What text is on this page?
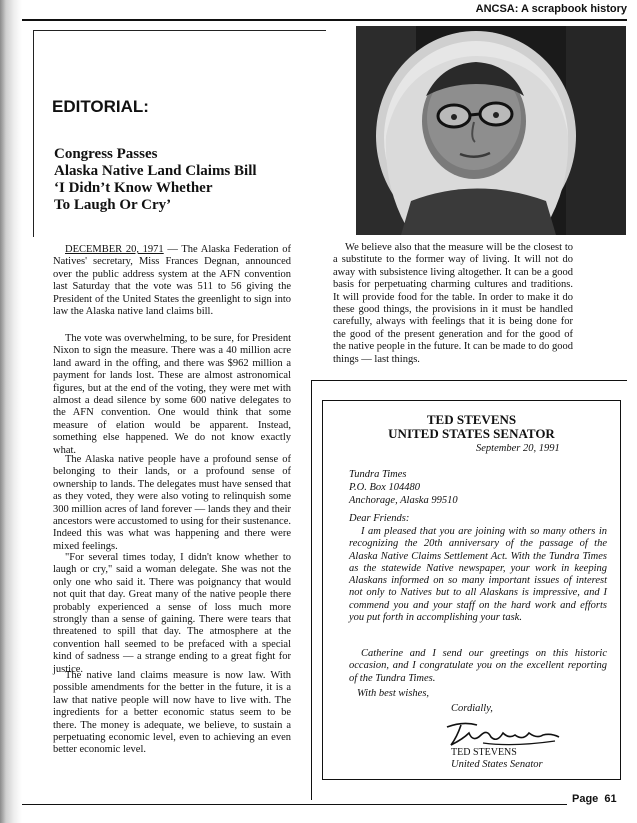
ANCSA: A scrapbook history
EDITORIAL:
Congress Passes
Alaska Native Land Claims Bill
‘I Didn’t Know Whether
To Laugh Or Cry’

DECEMBER 20, 1971 — The Alaska Federation of Natives' secretary, Miss Frances Degnan, announced over the public address system at the AFN convention last Saturday that the vote was 511 to 56 giving the President of the United States the greenlight to sign into law the Alaska native land claims bill.

The vote was overwhelming, to be sure, for President Nixon to sign the measure. There was a 40 million acre land award in the offing, and there was $962 million a payment for lands lost. These are almost astronomical figures, but at the end of the voting, they were met with almost a dead silence by some 600 native delegates to the AFN convention. One would think that some measure of elation would be apparent. Instead, something else happened. We do not know exactly what.

The Alaska native people have a profound sense of belonging to their lands, or a profound sense of ownership to lands. The delegates must have sensed that as they voted, they were also voting to relinquish some 300 million acres of land forever — lands they and their ancestors were accustomed to using for their sustenance. Indeed this was what was happening and there were mixed feelings.

"For several times today, I didn't know whether to laugh or cry," said a woman delegate. She was not the only one who said it. There was poignancy that would not quit that day. Great many of the native people there probably experienced a sense of loss much more strongly than a sense of gaining. There were tears that threatened to spill that day. The atmosphere at the convention hall seemed to be prefaced with a special kind of sadness — a strange ending to a great fight for justice.

The native land claims measure is now law. With possible amendments for the better in the future, it is a law that native people will now have to live with. The ingredients for a better economic status seem to be there. The money is adequate, we believe, to sustain a perpetuating economic level, even to achieving an even better economic level.

We believe also that the measure will be the closest to a substitute to the former way of living. It will not do away with subsistence living altogether. It can be a good basis for perpetuating charming cultures and traditions. It will provide food for the table. In order to make it do these good things, the provisions in it must be handled carefully, always with feelings that it is being done for the good of the present generation and for the good of the native people in the future. It can be made to do good things — last things.

TED STEVENS
UNITED STATES SENATOR
September 20, 1991
Tundra Times
P.O. Box 104480
Anchorage, Alaska 99510
Dear Friends:

I am pleased that you are joining with so many others in recognizing the 20th anniversary of the passage of the Alaska Native Claims Settlement Act. With the Tundra Times as the statewide Native newspaper, your work in keeping Alaskans informed on so many important issues of interest not only to Natives but to all Alaskans is impressive, and I commend you and your staff on the hard work and efforts you put forth in accomplishing your task.

Catherine and I send our greetings on this historic occasion, and I congratulate you on the excellent reporting of the Tundra Times.

With best wishes,
Cordially,
TED STEVENS
United States Senator
Page 61
